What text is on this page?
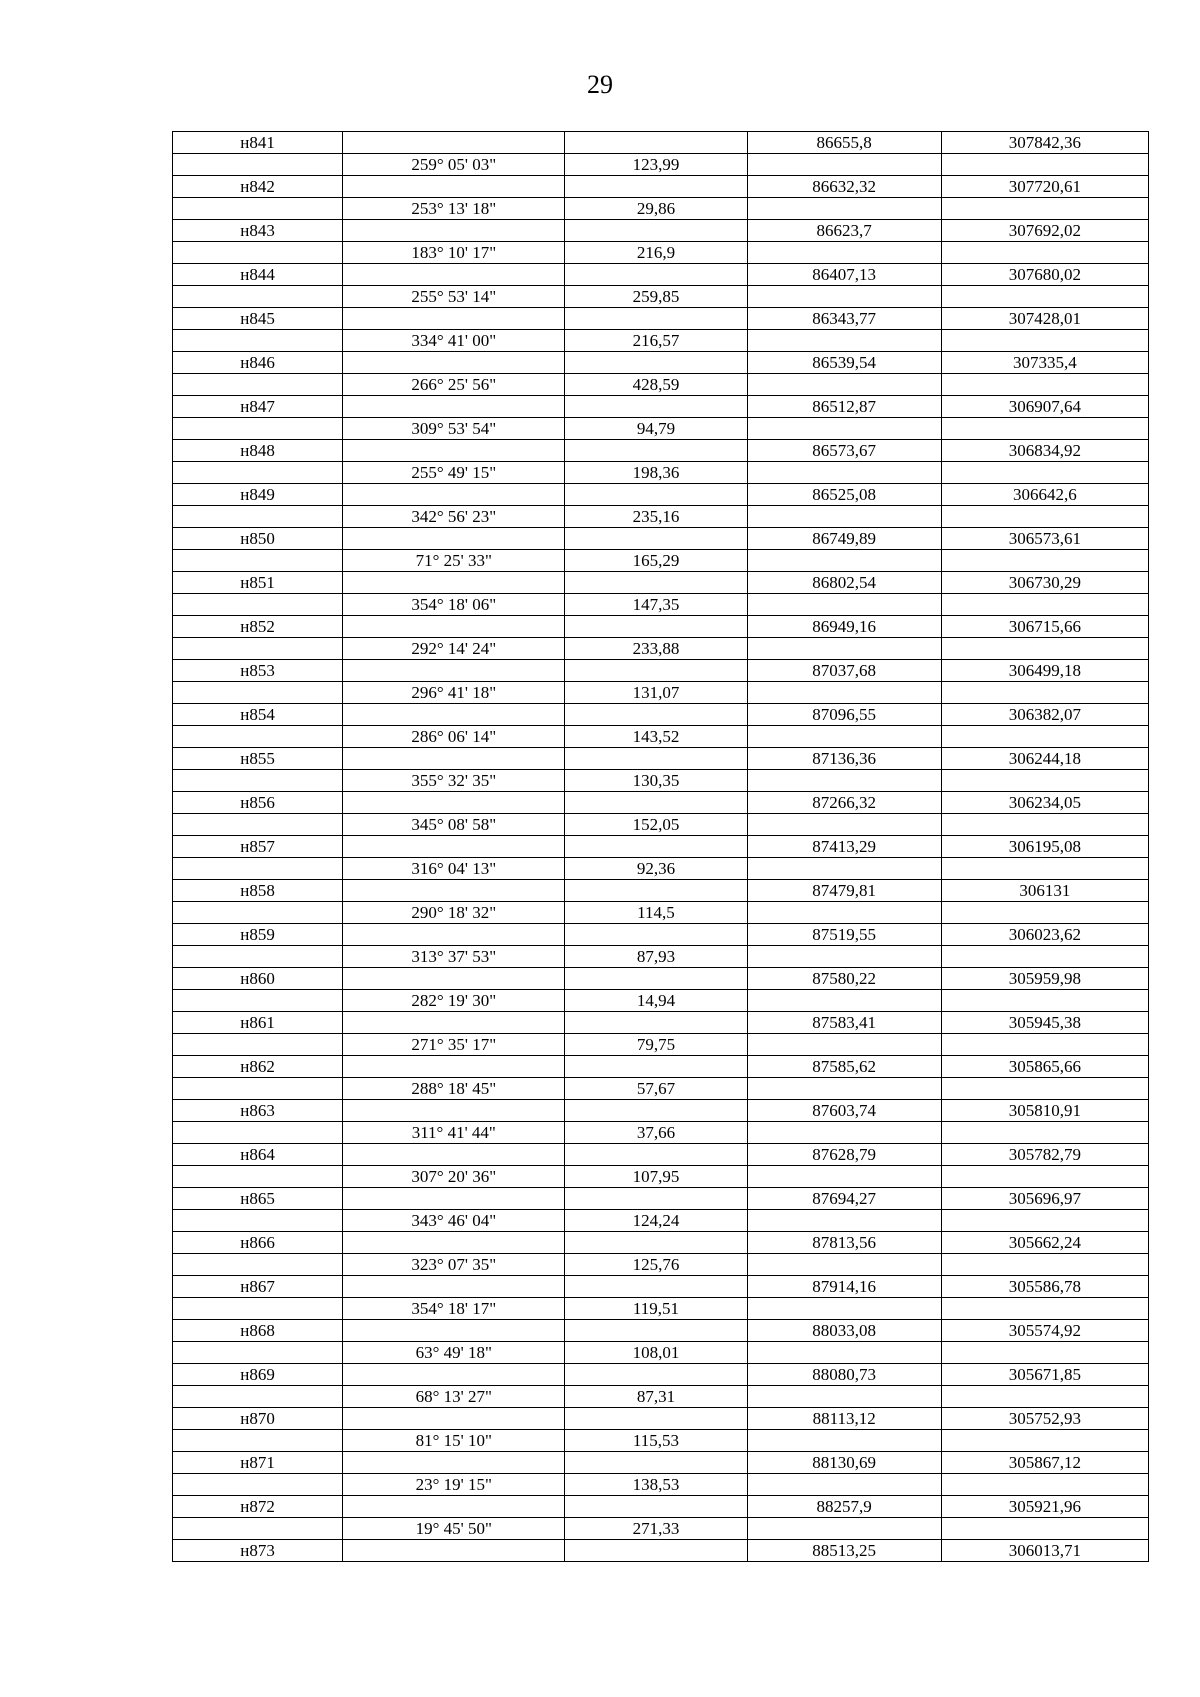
29
н841			86655,8	307842,36
	259° 05' 03"	123,99		
н842			86632,32	307720,61
	253° 13' 18"	29,86		
н843			86623,7	307692,02
	183° 10' 17"	216,9		
н844			86407,13	307680,02
	255° 53' 14"	259,85		
н845			86343,77	307428,01
	334° 41' 00"	216,57		
н846			86539,54	307335,4
	266° 25' 56"	428,59		
н847			86512,87	306907,64
	309° 53' 54"	94,79		
н848			86573,67	306834,92
	255° 49' 15"	198,36		
н849			86525,08	306642,6
	342° 56' 23"	235,16		
н850			86749,89	306573,61
	71° 25' 33"	165,29		
н851			86802,54	306730,29
	354° 18' 06"	147,35		
н852			86949,16	306715,66
	292° 14' 24"	233,88		
н853			87037,68	306499,18
	296° 41' 18"	131,07		
н854			87096,55	306382,07
	286° 06' 14"	143,52		
н855			87136,36	306244,18
	355° 32' 35"	130,35		
н856			87266,32	306234,05
	345° 08' 58"	152,05		
н857			87413,29	306195,08
	316° 04' 13"	92,36		
н858			87479,81	306131
	290° 18' 32"	114,5		
н859			87519,55	306023,62
	313° 37' 53"	87,93		
н860			87580,22	305959,98
	282° 19' 30"	14,94		
н861			87583,41	305945,38
	271° 35' 17"	79,75		
н862			87585,62	305865,66
	288° 18' 45"	57,67		
н863			87603,74	305810,91
	311° 41' 44"	37,66		
н864			87628,79	305782,79
	307° 20' 36"	107,95		
н865			87694,27	305696,97
	343° 46' 04"	124,24		
н866			87813,56	305662,24
	323° 07' 35"	125,76		
н867			87914,16	305586,78
	354° 18' 17"	119,51		
н868			88033,08	305574,92
	63° 49' 18"	108,01		
н869			88080,73	305671,85
	68° 13' 27"	87,31		
н870			88113,12	305752,93
	81° 15' 10"	115,53		
н871			88130,69	305867,12
	23° 19' 15"	138,53		
н872			88257,9	305921,96
	19° 45' 50"	271,33		
н873			88513,25	306013,71
